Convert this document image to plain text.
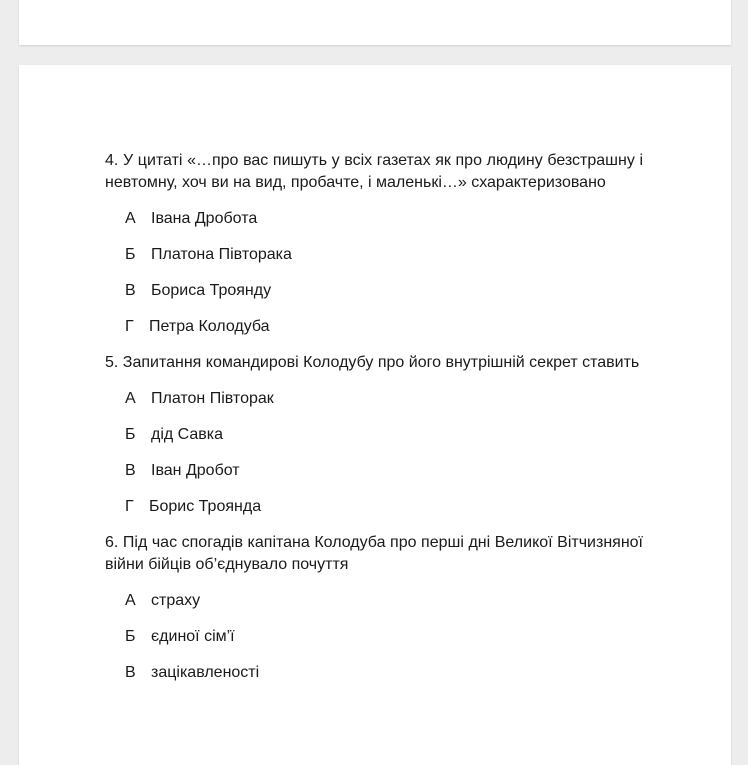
4. У цитаті «…про вас пишуть у всіх газетах як про людину безстрашну і невтомну, хоч ви на вид, пробачте, і маленькі…» схарактеризовано

А Івана Дробота
Б Платона Півторака
В Бориса Троянду
Г Петра Колодуба

5. Запитання командирові Колодубу про його внутрішній секрет ставить

А Платон Півторак
Б дід Савка
В Іван Дробот
Г Борис Троянда

6. Під час спогадів капітана Колодуба про перші дні Великої Вітчизняної війни бійців об’єднувало почуття

А страху
Б єдиної сім’ї
В зацікавленості
